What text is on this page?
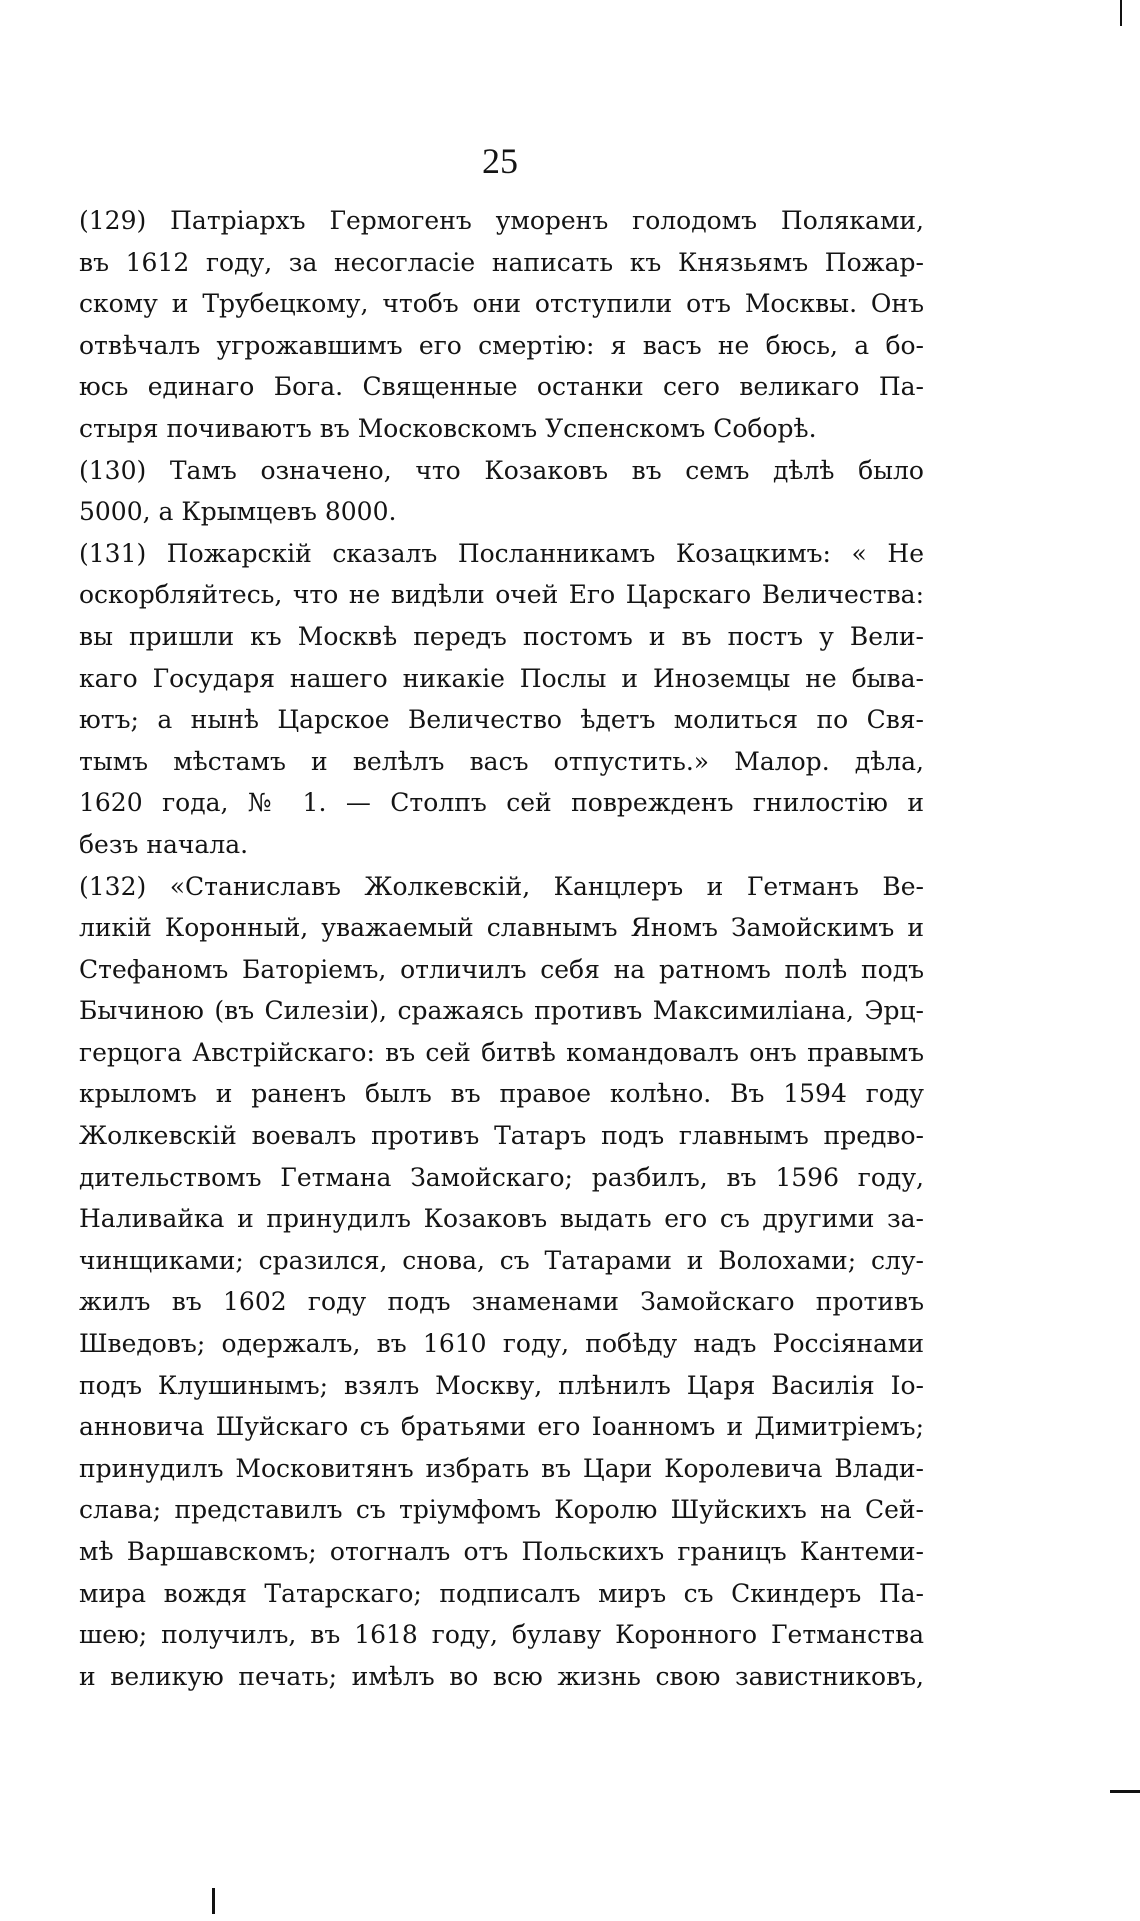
25
(129) Патріархъ Гермогенъ уморенъ голодомъ Поляками,
въ 1612 году, за несогласіе написать къ Князьямъ Пожар-
скому и Трубецкому, чтобъ они отступили отъ Москвы. Онъ
отвѣчалъ угрожавшимъ его смертію: я васъ не бюсь, а бо-
юсь единаго Бога. Священные останки сего великаго Па-
стыря почиваютъ въ Московскомъ Успенскомъ Соборѣ.
(130) Тамъ означено, что Козаковъ въ семъ дѣлѣ было
5000, а Крымцевъ 8000.
(131) Пожарскій сказалъ Посланникамъ Козацкимъ: « Не
оскорбляйтесь, что не видѣли очей Его Царскаго Величества:
вы пришли къ Москвѣ передъ постомъ и въ постъ у Вели-
каго Государя нашего никакіе Послы и Иноземцы не бывa-
ютъ; а нынѣ Царское Величество ѣдетъ молиться по Свя-
тымъ мѣстамъ и велѣлъ васъ отпустить.» Малор. дѣла,
1620 года, № 1. — Столпъ сей поврежденъ гнилостію и
безъ начала.
(132) «Станиславъ Жолкевскій, Канцлеръ и Гетманъ Ве-
ликій Коронный, уважаемый славнымъ Яномъ Замойскимъ и
Стефаномъ Баторіемъ, отличилъ себя на ратномъ полѣ подъ
Бычиною (въ Силезіи), сражаясь противъ Максимиліана, Эрц-
герцога Австрійскаго: въ сей битвѣ командовалъ онъ правымъ
крыломъ и раненъ былъ въ правое колѣно. Въ 1594 году
Жолкевскій воевалъ противъ Татаръ подъ главнымъ предво-
дительствомъ Гетмана Замойскаго; разбилъ, въ 1596 году,
Наливайка и принудилъ Козаковъ выдать его съ другими за-
чинщиками; сразился, снова, съ Татарами и Волохами; слу-
жилъ въ 1602 году подъ знаменами Замойскаго противъ
Шведовъ; одержалъ, въ 1610 году, побѣду надъ Россіянами
подъ Клушинымъ; взялъ Москву, плѣнилъ Царя Василія Іо-
анновича Шуйскаго съ братьями его Іоанномъ и Димитріемъ;
принудилъ Московитянъ избрать въ Цари Королевича Влади-
слава; представилъ съ тріумфомъ Королю Шуйскихъ на Сей-
мѣ Варшавскомъ; отогналъ отъ Польскихъ границъ Кантеми-
мира вождя Татарскаго; подписалъ миръ съ Скиндеръ Па-
шею; получилъ, въ 1618 году, булаву Коронного Гетманства
и великую печать; имѣлъ во всю жизнь свою завистниковъ,
